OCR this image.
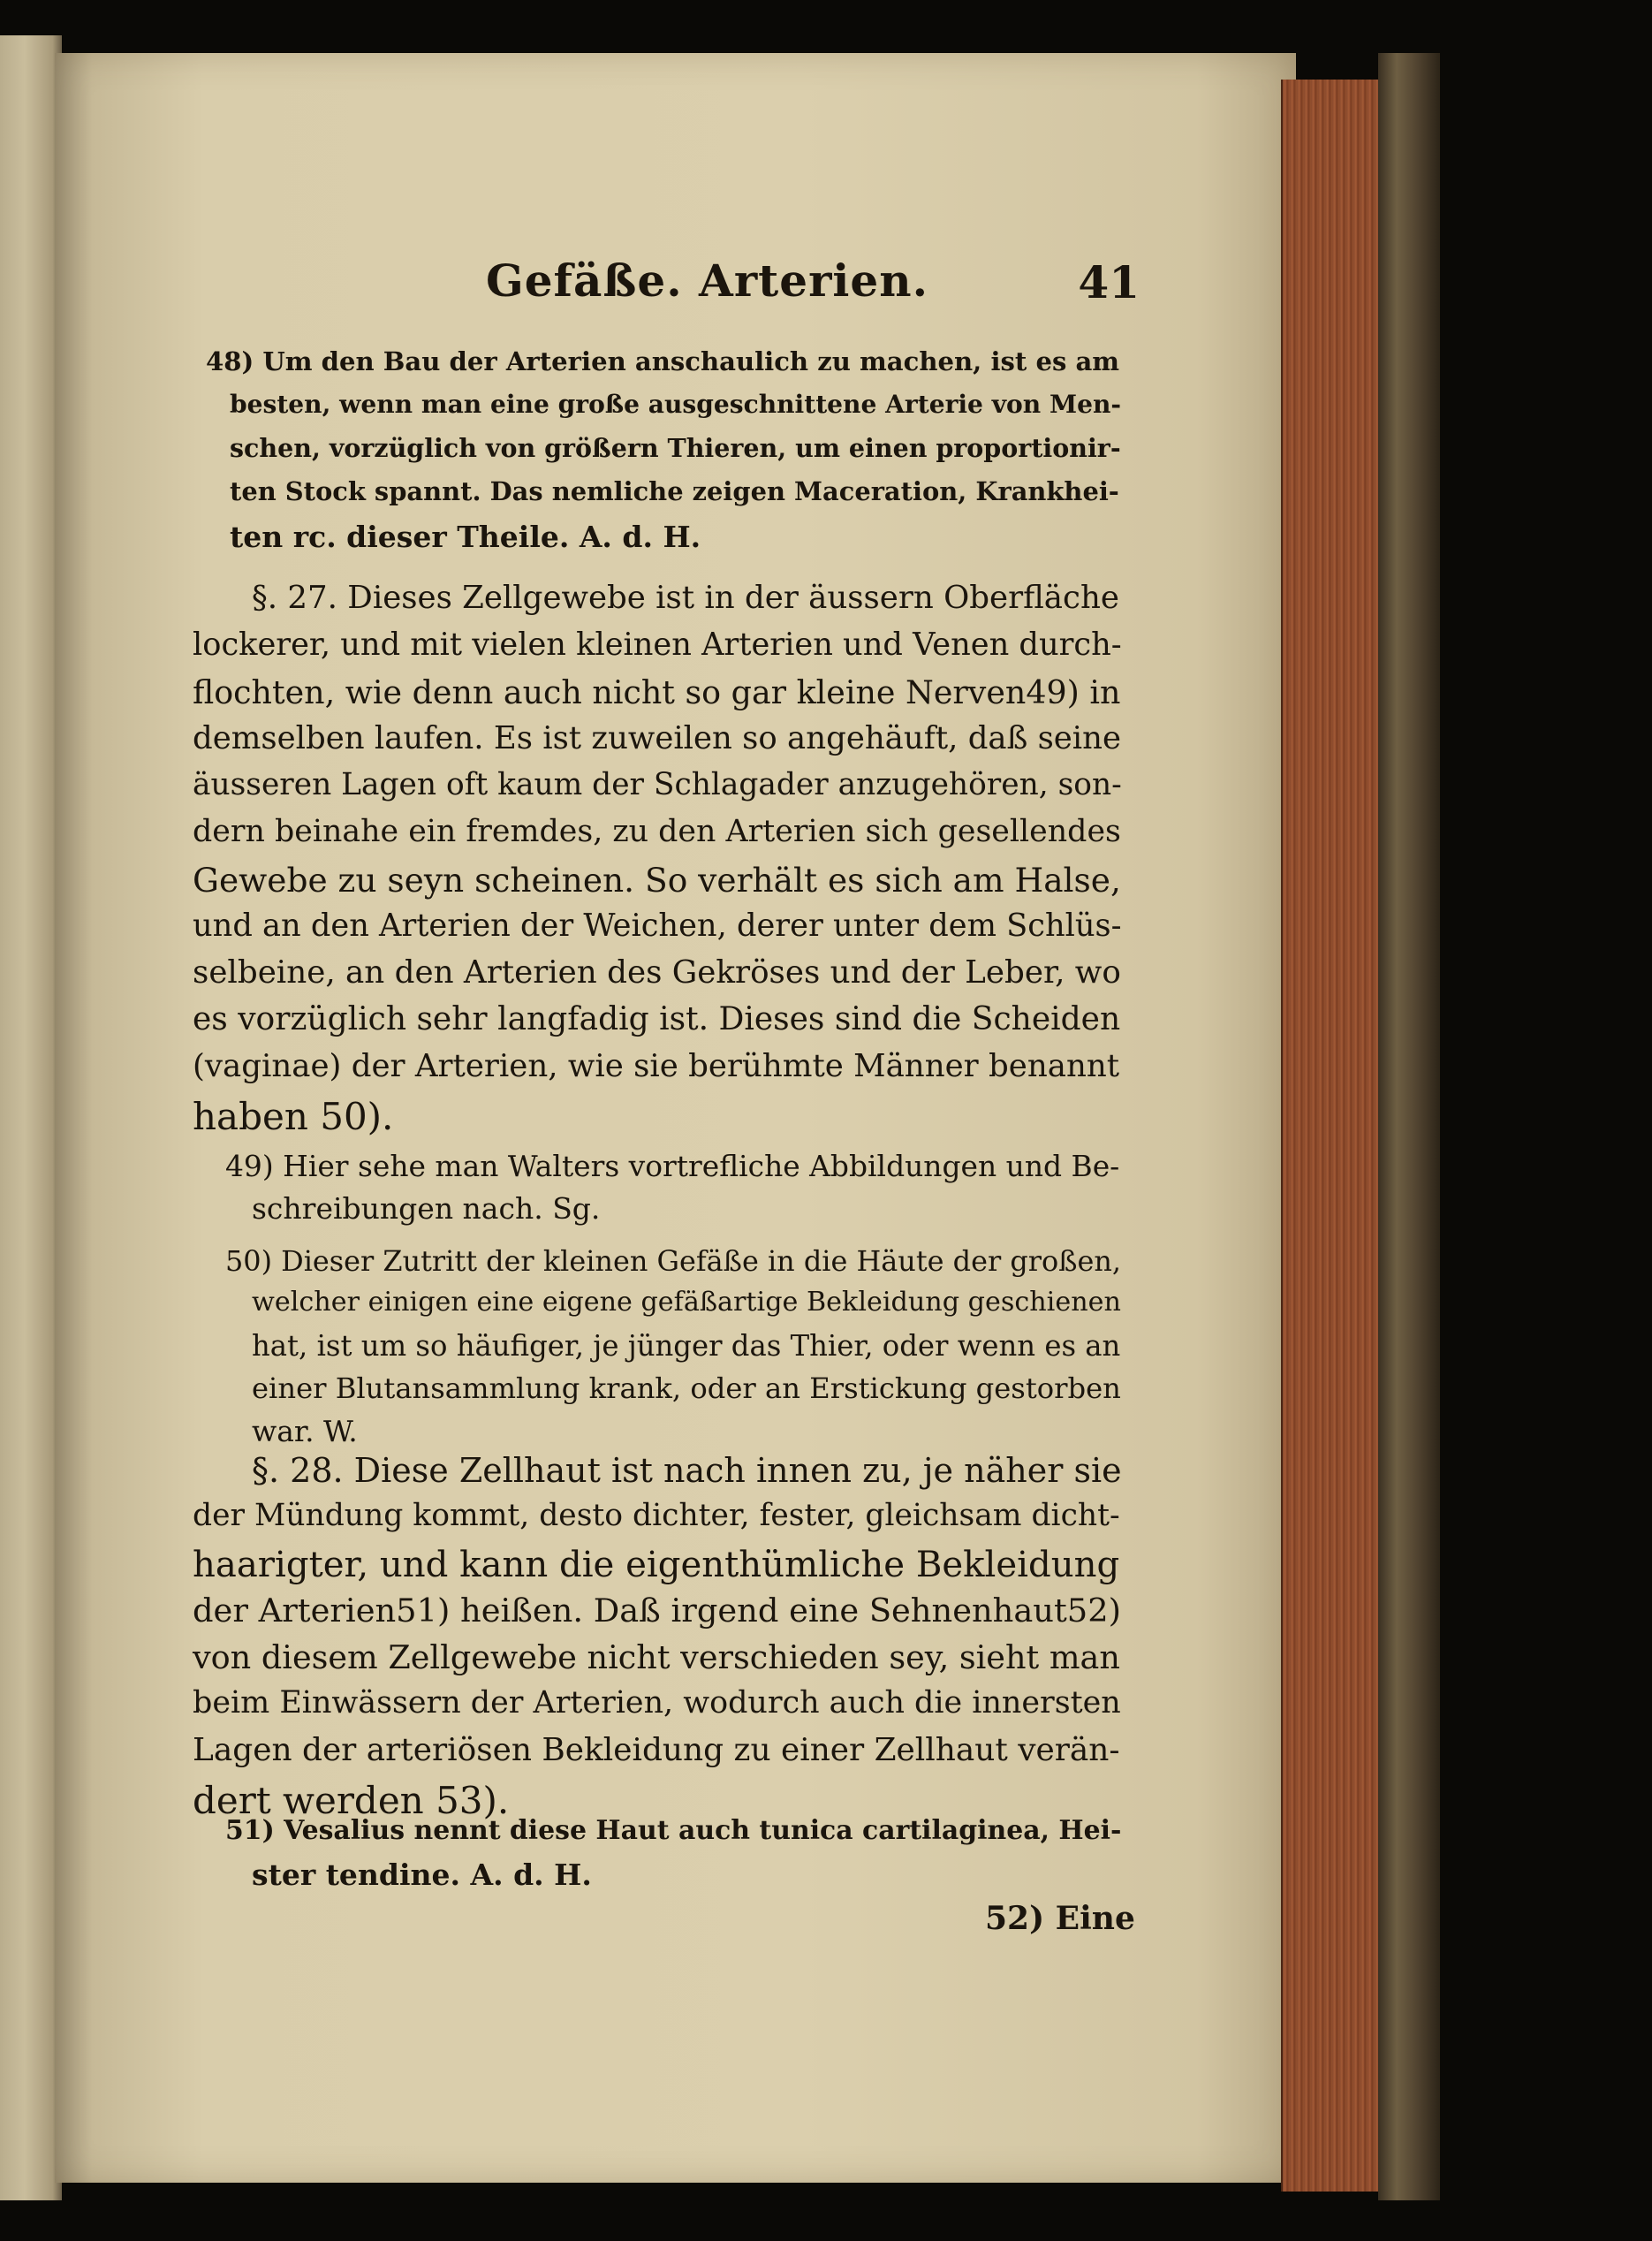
Gefäße. Arterien.	41

48) Um den Bau der Arterien anschaulich zu machen, ist es am

besten, wenn man eine große ausgeschnittene Arterie von Men-

schen, vorzüglich von größern Thieren, um einen proportionir-

ten Stock spannt. Das nemliche zeigen Maceration, Krankhei-

ten rc. dieser Theile. A. d. H.

§. 27. Dieses Zellgewebe ist in der äussern Oberfläche

lockerer, und mit vielen kleinen Arterien und Venen durch-

flochten, wie denn auch nicht so gar kleine Nerven49) in

demselben laufen. Es ist zuweilen so angehäuft, daß seine

äusseren Lagen oft kaum der Schlagader anzugehören, son-

dern beinahe ein fremdes, zu den Arterien sich gesellendes

Gewebe zu seyn scheinen. So verhält es sich am Halse,

und an den Arterien der Weichen, derer unter dem Schlüs-

selbeine, an den Arterien des Gekröses und der Leber, wo

es vorzüglich sehr langfadig ist. Dieses sind die Scheiden

(vaginae) der Arterien, wie sie berühmte Männer benannt

haben 50).

49) Hier sehe man Walters vortrefliche Abbildungen und Be-

schreibungen nach. Sg.

50) Dieser Zutritt der kleinen Gefäße in die Häute der großen,

welcher einigen eine eigene gefäßartige Bekleidung geschienen

hat, ist um so häufiger, je jünger das Thier, oder wenn es an

einer Blutansammlung krank, oder an Erstickung gestorben

war. W.

§. 28. Diese Zellhaut ist nach innen zu, je näher sie

der Mündung kommt, desto dichter, fester, gleichsam dicht-

haarigter, und kann die eigenthümliche Bekleidung

der Arterien51) heißen. Daß irgend eine Sehnenhaut52)

von diesem Zellgewebe nicht verschieden sey, sieht man

beim Einwässern der Arterien, wodurch auch die innersten

Lagen der arteriösen Bekleidung zu einer Zellhaut verän-

dert werden 53).

51) Vesalius nennt diese Haut auch tunica cartilaginea, Hei-

ster tendine. A. d. H.

52) Eine
